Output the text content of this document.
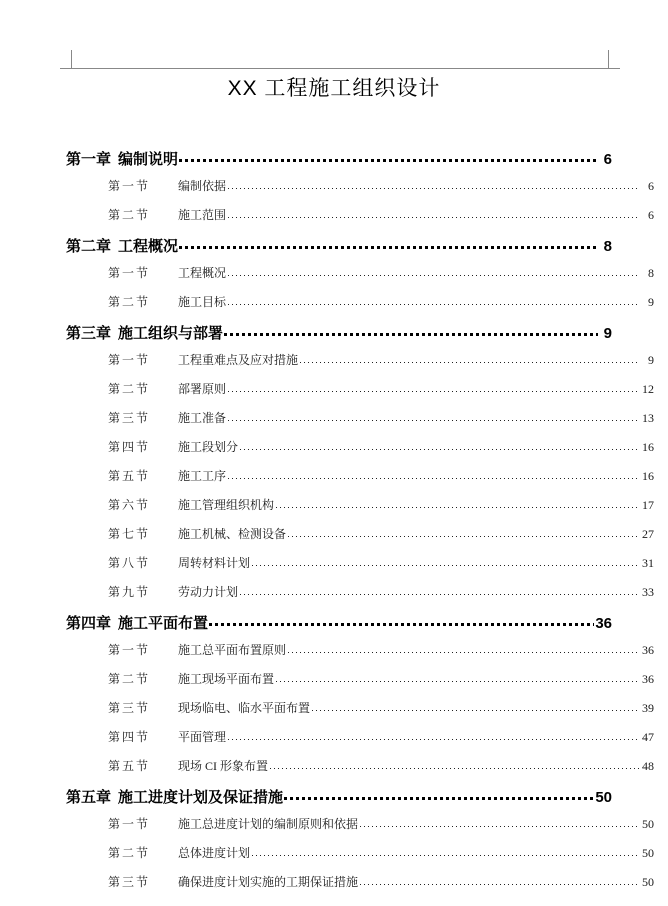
XX 工程施工组织设计
第一章 编制说明	6
第一节	编制依据	6
第二节	施工范围	6
第二章 工程概况	8
第一节	工程概况	8
第二节	施工目标	9
第三章 施工组织与部署	9
第一节	工程重难点及应对措施	9
第二节	部署原则	12
第三节	施工准备	13
第四节	施工段划分	16
第五节	施工工序	16
第六节	施工管理组织机构	17
第七节	施工机械、检测设备	27
第八节	周转材料计划	31
第九节	劳动力计划	33
第四章 施工平面布置	36
第一节	施工总平面布置原则	36
第二节	施工现场平面布置	36
第三节	现场临电、临水平面布置	39
第四节	平面管理	47
第五节	现场 CI 形象布置	48
第五章 施工进度计划及保证措施	50
第一节	施工总进度计划的编制原则和依据	50
第二节	总体进度计划	50
第三节	确保进度计划实施的工期保证措施	50
